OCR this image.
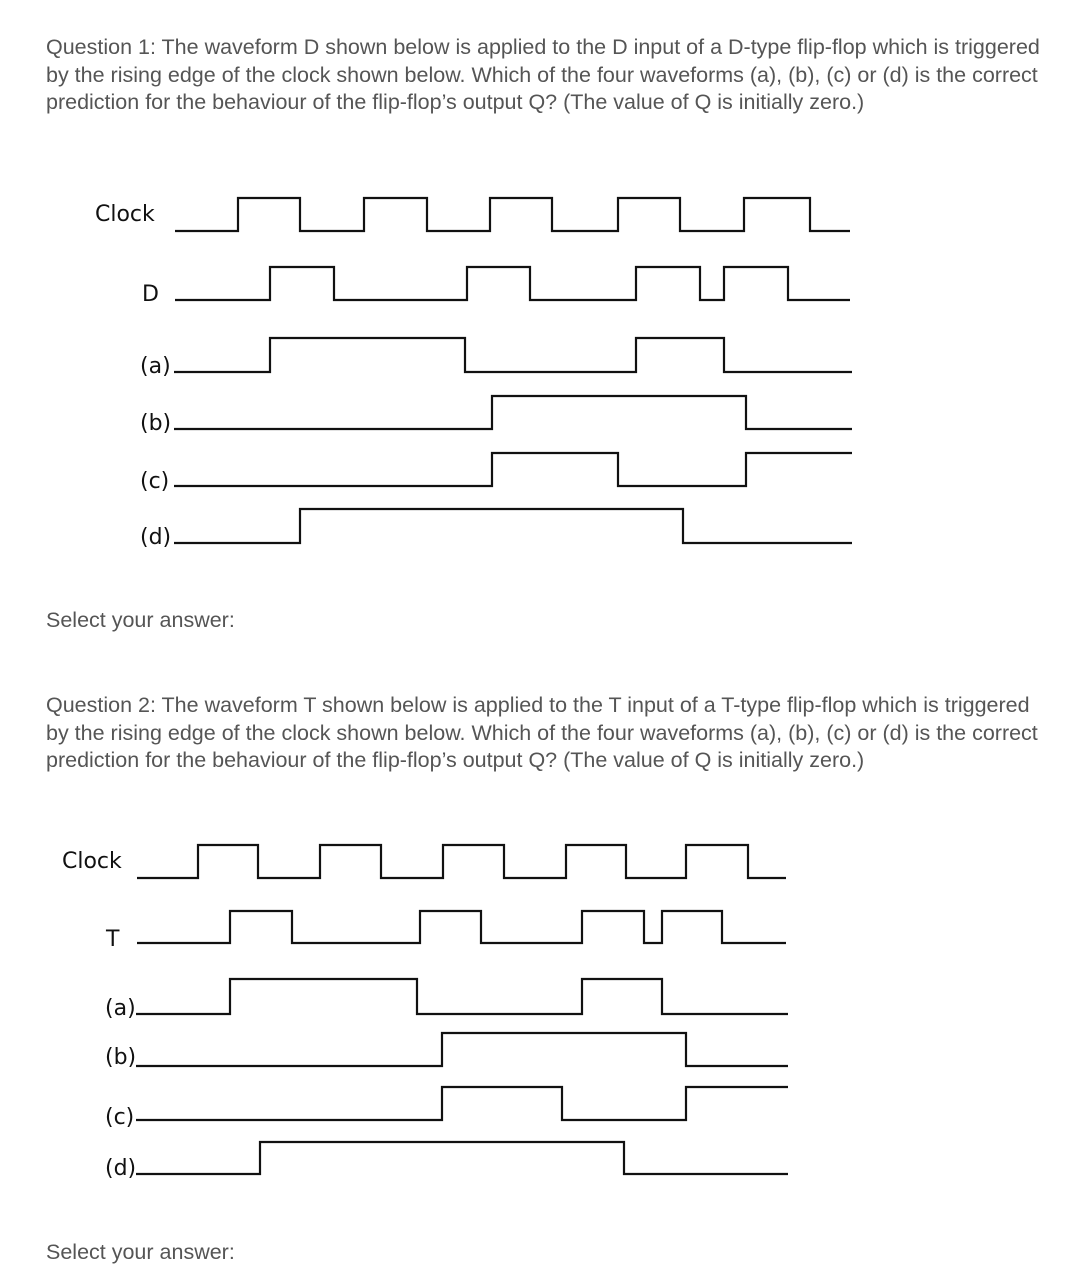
Question 1: The waveform D shown below is applied to the D input of a D-type flip-flop which is triggered by the rising edge of the clock shown below. Which of the four waveforms (a), (b), (c) or (d) is the correct prediction for the behaviour of the flip-flop’s output Q? (The value of Q is initially zero.)

Clock
D
(a)
(b)
(c)
(d)
Select your answer:

Question 2: The waveform T shown below is applied to the T input of a T-type flip-flop which is triggered by the rising edge of the clock shown below. Which of the four waveforms (a), (b), (c) or (d) is the correct prediction for the behaviour of the flip-flop’s output Q? (The value of Q is initially zero.)

Clock
T
(a)
(b)
(c)
(d)
Select your answer:
